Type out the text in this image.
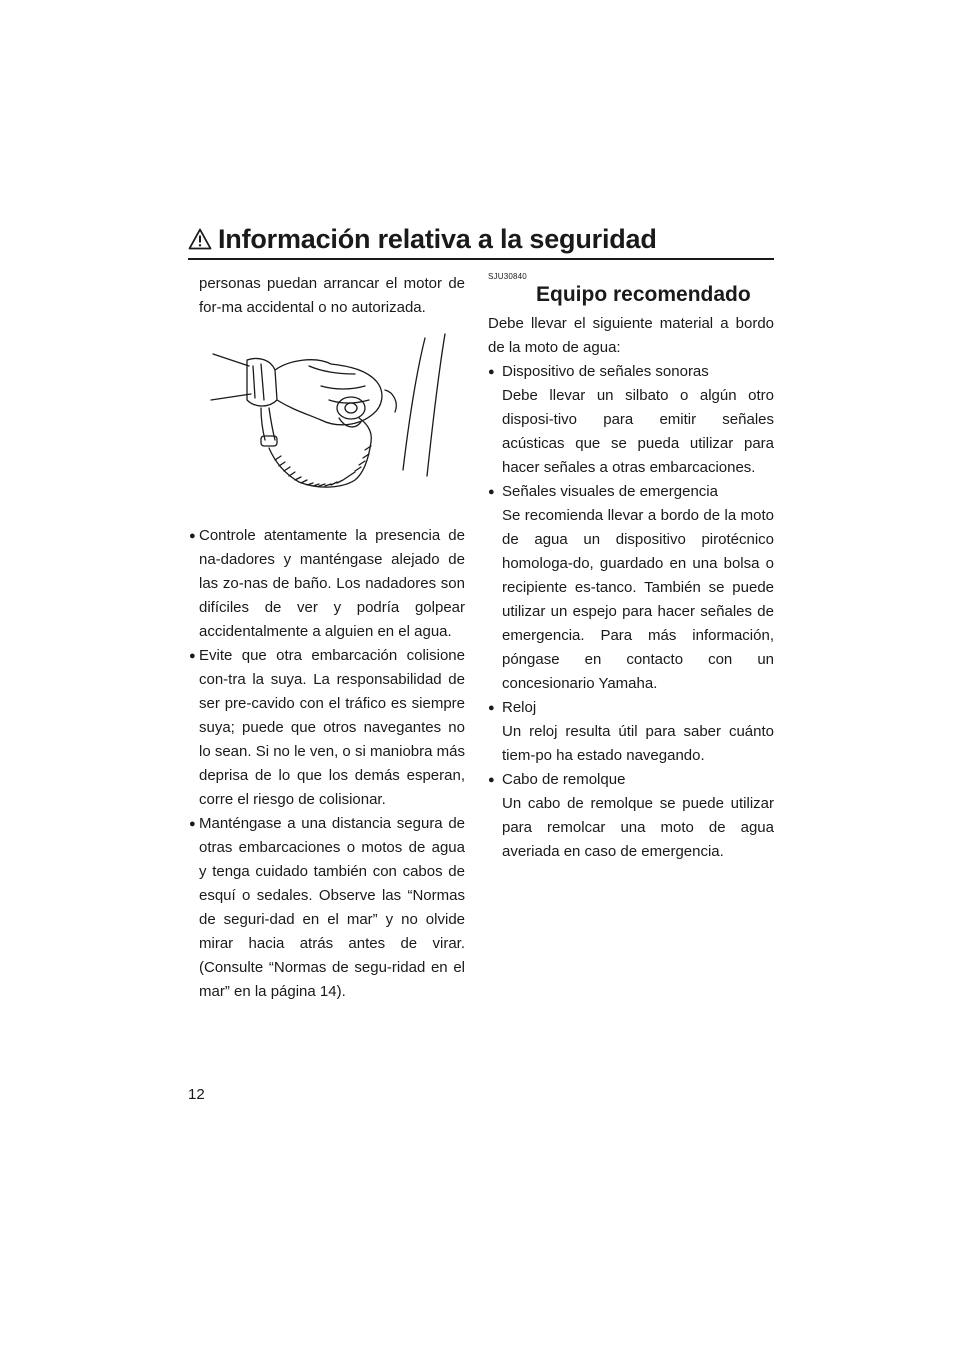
Información relativa a la seguridad

personas puedan arrancar el motor de for-ma accidental o no autorizada.

● Controle atentamente la presencia de na-dadores y manténgase alejado de las zo-nas de baño. Los nadadores son difíciles de ver y podría golpear accidentalmente a alguien en el agua.
● Evite que otra embarcación colisione con-tra la suya. La responsabilidad de ser pre-cavido con el tráfico es siempre suya; puede que otros navegantes no lo sean. Si no le ven, o si maniobra más deprisa de lo que los demás esperan, corre el riesgo de colisionar.
● Manténgase a una distancia segura de otras embarcaciones o motos de agua y tenga cuidado también con cabos de esquí o sedales. Observe las “Normas de seguri-dad en el mar” y no olvide mirar hacia atrás antes de virar. (Consulte “Normas de segu-ridad en el mar” en la página 14).
SJU30840
Equipo recomendado

Debe llevar el siguiente material a bordo de la moto de agua:

● Dispositivo de señales sonoras

Debe llevar un silbato o algún otro disposi-tivo para emitir señales acústicas que se pueda utilizar para hacer señales a otras embarcaciones.

● Señales visuales de emergencia

Se recomienda llevar a bordo de la moto de agua un dispositivo pirotécnico homologa-do, guardado en una bolsa o recipiente es-tanco. También se puede utilizar un espejo para hacer señales de emergencia. Para más información, póngase en contacto con un concesionario Yamaha.

● Reloj

Un reloj resulta útil para saber cuánto tiem-po ha estado navegando.

● Cabo de remolque

Un cabo de remolque se puede utilizar para remolcar una moto de agua averiada en caso de emergencia.

12
